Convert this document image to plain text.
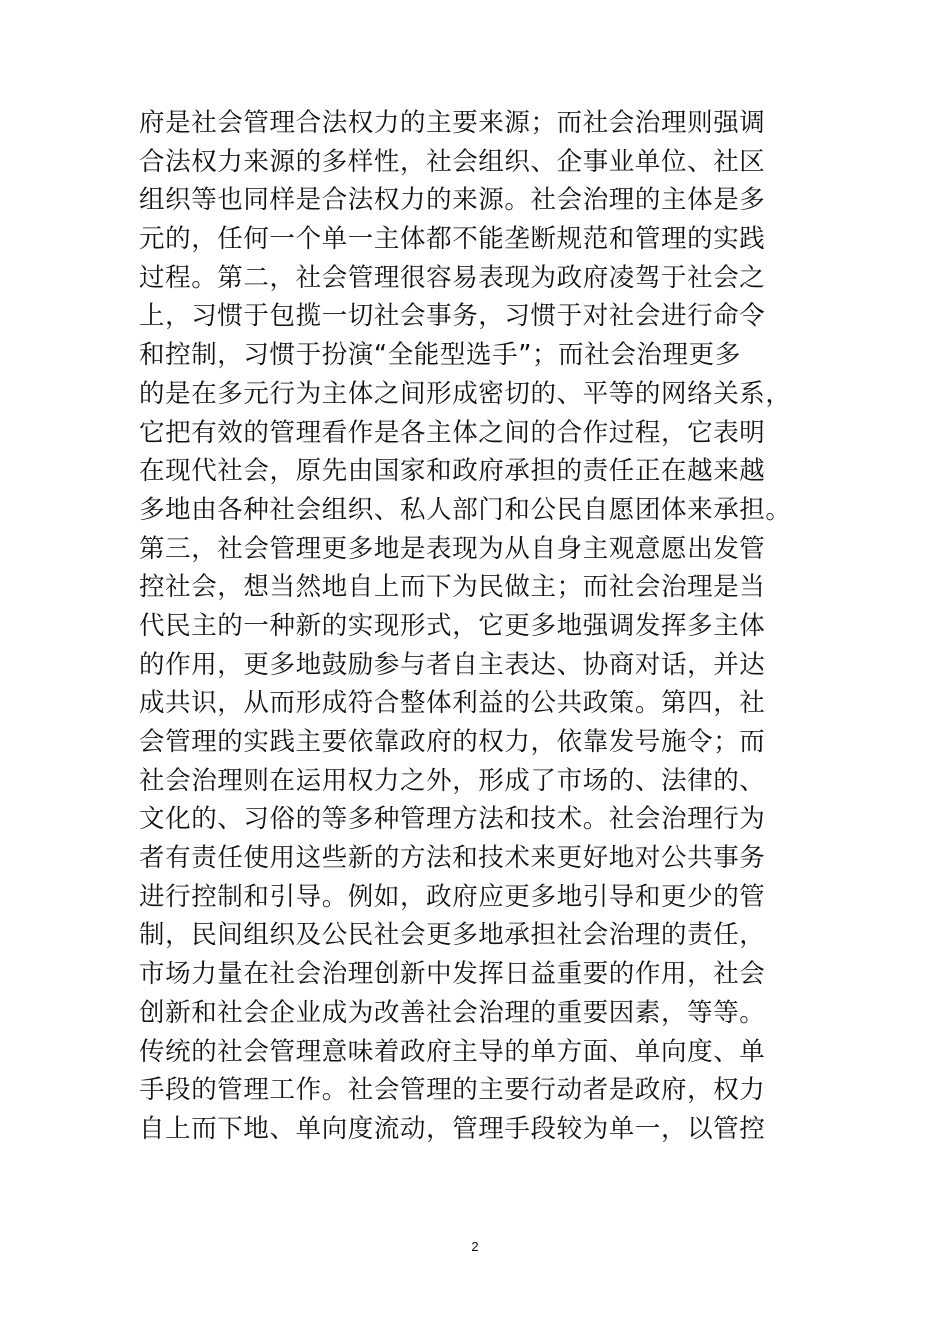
府是社会管理合法权力的主要来源；而社会治理则强调
合法权力来源的多样性，社会组织、企事业单位、社区
组织等也同样是合法权力的来源。社会治理的主体是多
元的，任何一个单一主体都不能垄断规范和管理的实践
过程。第二，社会管理很容易表现为政府凌驾于社会之
上，习惯于包揽一切社会事务，习惯于对社会进行命令
和控制，习惯于扮演“全能型选手”；而社会治理更多
的是在多元行为主体之间形成密切的、平等的网络关系，
它把有效的管理看作是各主体之间的合作过程，它表明
在现代社会，原先由国家和政府承担的责任正在越来越
多地由各种社会组织、私人部门和公民自愿团体来承担。
第三，社会管理更多地是表现为从自身主观意愿出发管
控社会，想当然地自上而下为民做主；而社会治理是当
代民主的一种新的实现形式，它更多地强调发挥多主体
的作用，更多地鼓励参与者自主表达、协商对话，并达
成共识，从而形成符合整体利益的公共政策。第四，社
会管理的实践主要依靠政府的权力，依靠发号施令；而
社会治理则在运用权力之外，形成了市场的、法律的、
文化的、习俗的等多种管理方法和技术。社会治理行为
者有责任使用这些新的方法和技术来更好地对公共事务
进行控制和引导。例如，政府应更多地引导和更少的管
制，民间组织及公民社会更多地承担社会治理的责任，
市场力量在社会治理创新中发挥日益重要的作用，社会
创新和社会企业成为改善社会治理的重要因素，等等。
传统的社会管理意味着政府主导的单方面、单向度、单
手段的管理工作。社会管理的主要行动者是政府，权力
自上而下地、单向度流动，管理手段较为单一，以管控
2
